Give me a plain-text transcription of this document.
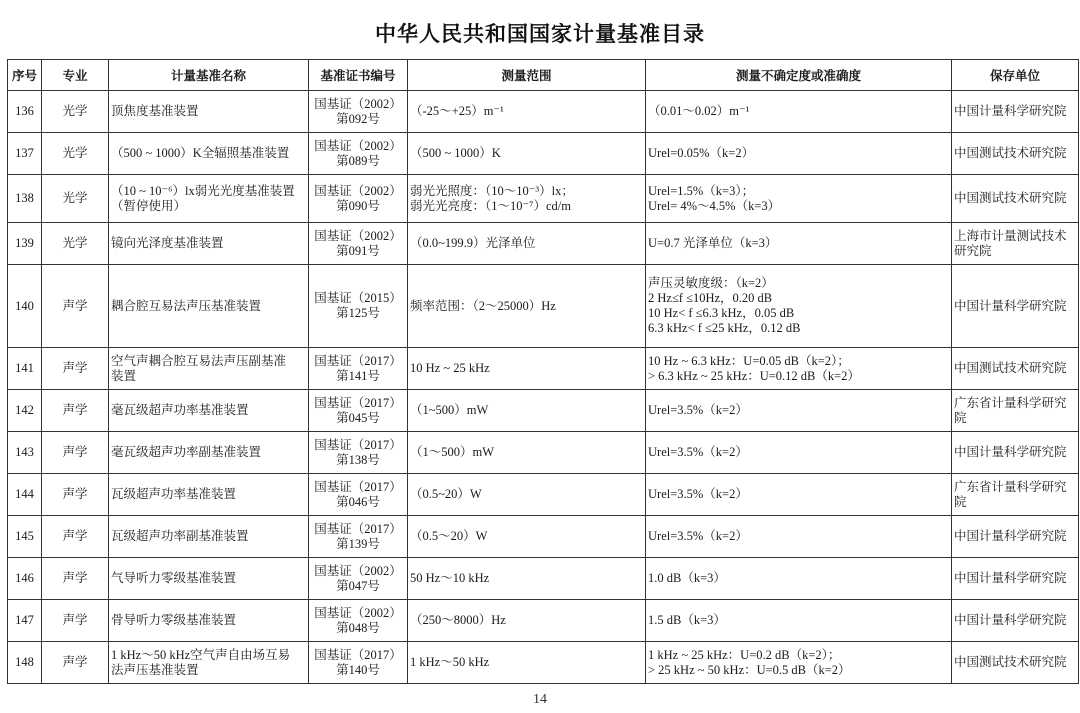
中华人民共和国国家计量基准目录
序号	专业	计量基准名称	基准证书编号	测量范围	测量不确定度或准确度	保存单位
136	光学	顶焦度基准装置	国基证（2002）
第092号	（-25～+25）m⁻¹	（0.01～0.02）m⁻¹	中国计量科学研究院

137	光学	（500 ~ 1000）K全辐照基准装置	国基证（2002）
第089号	（500 ~ 1000）K	Urel=0.05%（k=2）	中国测试技术研究院

138	光学	（10 ~ 10⁻⁶）lx弱光光度基准装置
（暂停使用）	国基证（2002）
第090号	弱光光照度：（10～10⁻³）lx；
弱光光亮度：（1～10⁻⁷）cd/m	Urel=1.5%（k=3）；
Urel= 4%～4.5%（k=3）	中国测试技术研究院

139	光学	镜向光泽度基准装置	国基证（2002）
第091号	（0.0~199.9）光泽单位	U=0.7 光泽单位（k=3）	上海市计量测试技术
研究院

140	声学	耦合腔互易法声压基准装置	国基证（2015）
第125号	频率范围：（2～25000）Hz	声压灵敏度级：（k=2）
2 Hz≤f ≤10Hz，0.20 dB
10 Hz< f ≤6.3 kHz，0.05 dB
6.3 kHz< f ≤25 kHz，0.12 dB	中国计量科学研究院

141	声学	空气声耦合腔互易法声压副基准
装置	国基证（2017）
第141号	10 Hz ~ 25 kHz	10 Hz ~ 6.3 kHz：U=0.05 dB（k=2）；
> 6.3 kHz ~ 25 kHz：U=0.12 dB（k=2）	中国测试技术研究院

142	声学	毫瓦级超声功率基准装置	国基证（2017）
第045号	（1~500）mW	Urel=3.5%（k=2）	广东省计量科学研究
院

143	声学	毫瓦级超声功率副基准装置	国基证（2017）
第138号	（1～500）mW	Urel=3.5%（k=2）	中国计量科学研究院

144	声学	瓦级超声功率基准装置	国基证（2017）
第046号	（0.5~20）W	Urel=3.5%（k=2）	广东省计量科学研究
院

145	声学	瓦级超声功率副基准装置	国基证（2017）
第139号	（0.5～20）W	Urel=3.5%（k=2）	中国计量科学研究院

146	声学	气导听力零级基准装置	国基证（2002）
第047号	50 Hz～10 kHz	1.0 dB（k=3）	中国计量科学研究院

147	声学	骨导听力零级基准装置	国基证（2002）
第048号	（250～8000）Hz	1.5 dB（k=3）	中国计量科学研究院

148	声学	1 kHz～50 kHz空气声自由场互易
法声压基准装置	国基证（2017）
第140号	1 kHz～50 kHz	1 kHz ~ 25 kHz：U=0.2 dB（k=2）；
> 25 kHz ~ 50 kHz：U=0.5 dB（k=2）	中国测试技术研究院
14
